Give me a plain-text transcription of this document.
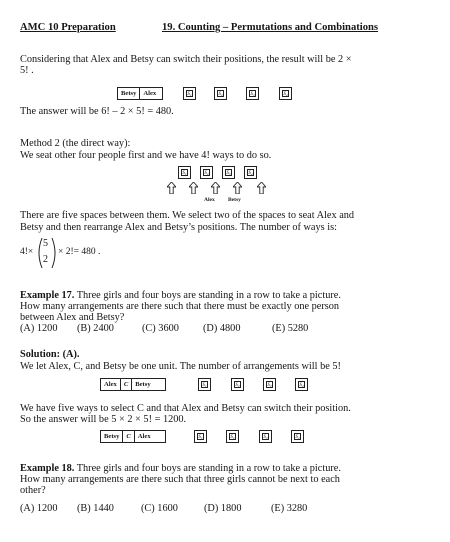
AMC 10 Preparation	19. Counting – Permutations and Combinations
Considering that Alex and Betsy can switch their positions, the result will be 2 ×
5! .
Betsy Alex	S₁	S₂	S₃	S₄
The answer will be 6! – 2 × 5! = 480.
Method 2 (the direct way):
We seat other four people first and we have 4! ways to do so.
S₁	S₂	S₃	S₄
Alex Betsy
There are five spaces between them. We select two of the spaces to seat Alex and
Betsy and then rearrange Alex and Betsy’s positions. The number of ways is:
4!×
5
2
× 2!= 480 .
Example 17. Three girls and four boys are standing in a row to take a picture.
How many arrangements are there such that there must be exactly one person
between Alex and Betsy?
(A) 1200	(B) 2400	(C) 3600	(D) 4800	(E) 5280
Solution: (A).
We let Alex, C, and Betsy be one unit. The number of arrangements will be 5!
Alex C Betsy	S₁	S₂	S₃	S₄
We have five ways to select C and that Alex and Betsy can switch their position.
So the answer will be 5 × 2 × 5! = 1200.
Betsy C Alex	S₁	S₂	S₃	S₄
Example 18. Three girls and four boys are standing in a row to take a picture.
How many arrangements are there such that three girls cannot be next to each
other?
(A) 1200	(B) 1440	(C) 1600	(D) 1800	(E) 3280
